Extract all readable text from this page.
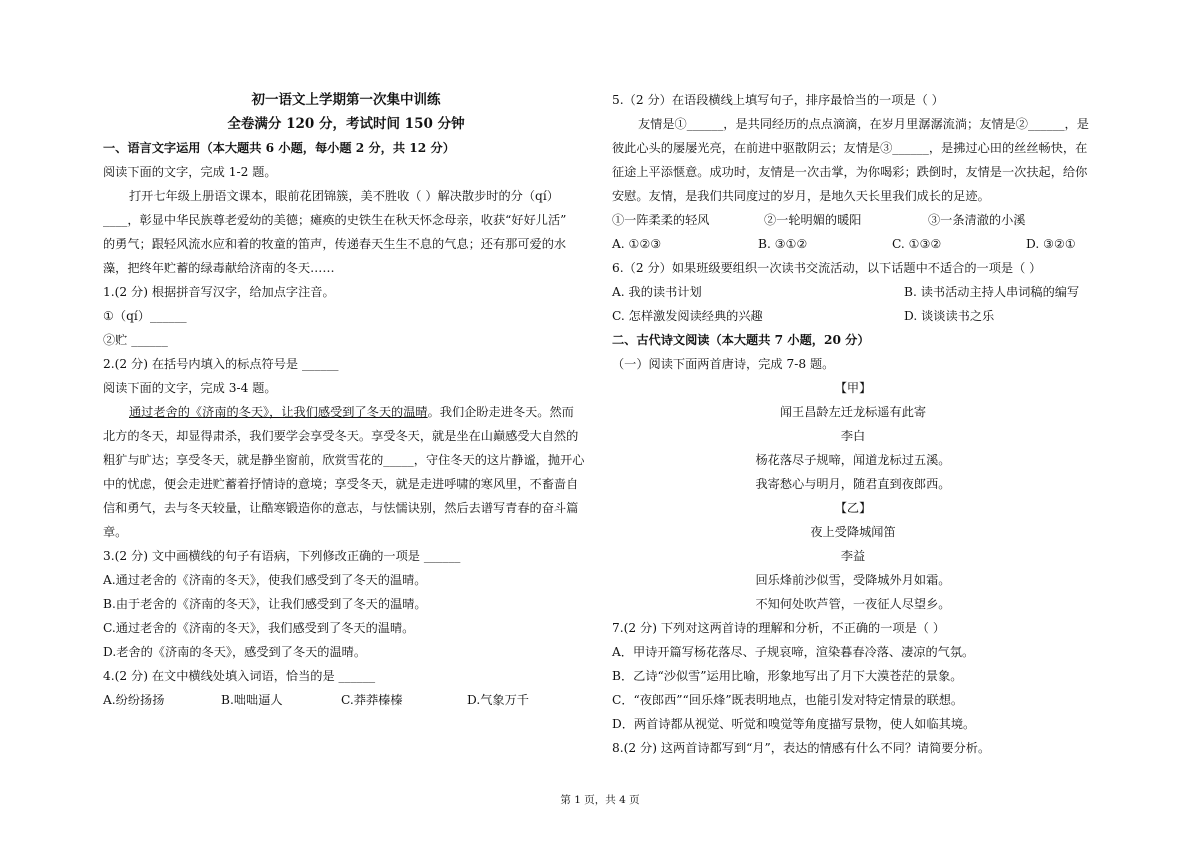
初一语文上学期第一次集中训练
全卷满分 120 分，考试时间 150 分钟
一、语言文字运用（本大题共 6 小题，每小题 2 分，共 12 分）
阅读下面的文字，完成 1-2 题。
打开七年级上册语文课本，眼前花团锦簇，美不胜收（ ）解决散步时的分（qí）
____，彰显中华民族尊老爱幼的美德；瘫痪的史铁生在秋天怀念母亲，收获“好好儿活”
的勇气；跟轻风流水应和着的牧童的笛声，传递春天生生不息的气息；还有那可爱的水
藻，把终年贮蓄的绿毒献给济南的冬天……
1.(2 分) 根据拼音写汉字，给加点字注音。
①（qí）______
②贮 ______
2.(2 分) 在括号内填入的标点符号是 ______
阅读下面的文字，完成 3-4 题。
通过老舍的《济南的冬天》，让我们感受到了冬天的温晴。我们企盼走进冬天。然而
北方的冬天，却显得肃杀，我们要学会享受冬天。享受冬天，就是坐在山巅感受大自然的
粗犷与旷达；享受冬天，就是静坐窗前，欣赏雪花的_____，守住冬天的这片静谧，抛开心
中的忧虑，便会走进贮蓄着抒情诗的意境；享受冬天，就是走进呼啸的寒风里，不畜啬自
信和勇气，去与冬天较量，让酷寒锻造你的意志，与怯懦诀别，然后去谱写青春的奋斗篇
章。
3.(2 分) 文中画横线的句子有语病，下列修改正确的一项是 ______
A.通过老舍的《济南的冬天》，使我们感受到了冬天的温晴。
B.由于老舍的《济南的冬天》，让我们感受到了冬天的温晴。
C.通过老舍的《济南的冬天》，我们感受到了冬天的温晴。
D.老舍的《济南的冬天》，感受到了冬天的温晴。
4.(2 分) 在文中横线处填入词语，恰当的是 ______
A.纷纷扬扬	B.咄咄逼人	C.莽莽榛榛	D.气象万千
5.（2 分）在语段横线上填写句子，排序最恰当的一项是（ ）
友情是①______，是共同经历的点点滴滴，在岁月里潺潺流淌；友情是②______，是
彼此心头的屡屡光亮，在前进中驱散阴云；友情是③______，是拂过心田的丝丝畅快，在
征途上平添惬意。成功时，友情是一次击掌，为你喝彩；跌倒时，友情是一次扶起，给你
安慰。友情，是我们共同度过的岁月，是地久天长里我们成长的足迹。
①一阵柔柔的轻风	②一轮明媚的暖阳	③一条清澈的小溪
A. ①②③	B. ③①②	C. ①③②	D. ③②①
6.（2 分）如果班级要组织一次读书交流活动，以下话题中不适合的一项是（ ）
A. 我的读书计划	B. 读书活动主持人串词稿的编写
C. 怎样激发阅读经典的兴趣	D. 谈谈读书之乐
二、古代诗文阅读（本大题共 7 小题，20 分）
（一）阅读下面两首唐诗，完成 7-8 题。
【甲】
闻王昌龄左迁龙标遥有此寄
李白
杨花落尽子规啼，闻道龙标过五溪。
我寄愁心与明月，随君直到夜郎西。
【乙】
夜上受降城闻笛
李益
回乐烽前沙似雪，受降城外月如霜。
不知何处吹芦管，一夜征人尽望乡。
7.(2 分) 下列对这两首诗的理解和分析，不正确的一项是（ ）
A．甲诗开篇写杨花落尽、子规哀啼，渲染暮春冷落、凄凉的气氛。
B．乙诗“沙似雪”运用比喻，形象地写出了月下大漠苍茫的景象。
C．“夜郎西”“回乐烽”既表明地点，也能引发对特定情景的联想。
D．两首诗都从视觉、听觉和嗅觉等角度描写景物，使人如临其境。
8.(2 分) 这两首诗都写到“月”，表达的情感有什么不同？请简要分析。
第 1 页，共 4 页
